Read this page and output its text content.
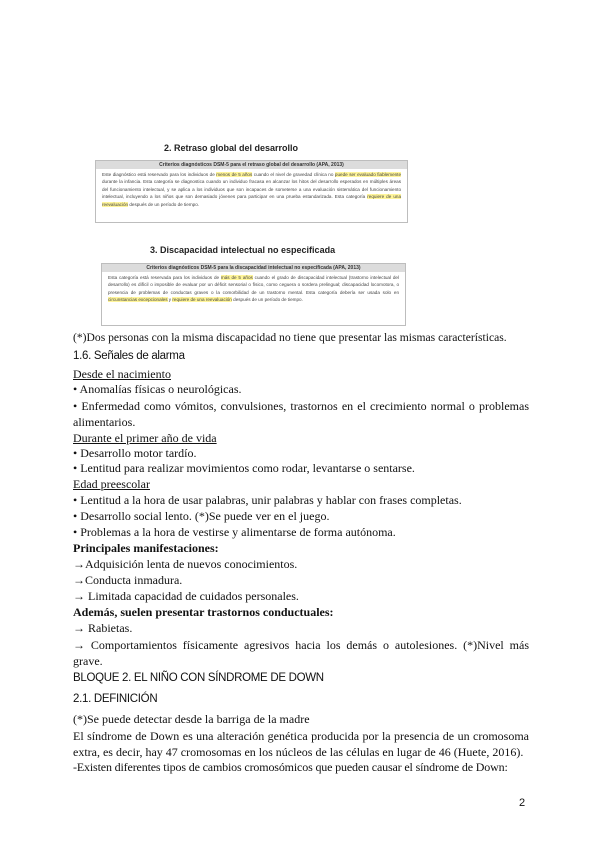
2. Retraso global del desarrollo
Criterios diagnósticos DSM-5 para el retraso global del desarrollo (APA, 2013)
Este diagnóstico está reservado para los individuos de menos de 5 años cuando el nivel de gravedad clínica no puede ser evaluado fiablemente durante la infancia. Esta categoría se diagnostica cuando un individuo fracasa en alcanzar los hitos del desarrollo esperados en múltiples áreas del funcionamiento intelectual, y se aplica a los individuos que son incapaces de someterse a una evaluación sistemática del funcionamiento intelectual, incluyendo a los niños que son demasiado jóvenes para participar en una prueba estandarizada. Esta categoría requiere de una reevaluación después de un período de tiempo.
3. Discapacidad intelectual no especificada
Criterios diagnósticos DSM-5 para la discapacidad intelectual no especificada (APA, 2013)
Esta categoría está reservada para los individuos de más de 5 años cuando el grado de discapacidad intelectual (trastorno intelectual del desarrollo) es difícil o imposible de evaluar por un déficit sensorial o físico, como ceguera o sordera prelingual; discapacidad locomotora, o presencia de problemas de conductas graves o la comorbilidad de un trastorno mental. Esta categoría debería ser usada solo en circunstancias excepcionales y requiere de una reevaluación después de un período de tiempo.
(*)Dos personas con la misma discapacidad no tiene que presentar las mismas características.
1.6. Señales de alarma
Desde el nacimiento
• Anomalías físicas o neurológicas.
• Enfermedad como vómitos, convulsiones, trastornos en el crecimiento normal o problemas alimentarios.
Durante el primer año de vida
• Desarrollo motor tardío.
• Lentitud para realizar movimientos como rodar, levantarse o sentarse.
Edad preescolar
• Lentitud a la hora de usar palabras, unir palabras y hablar con frases completas.
• Desarrollo social lento. (*)Se puede ver en el juego.
• Problemas a la hora de vestirse y alimentarse de forma autónoma.
Principales manifestaciones:
→Adquisición lenta de nuevos conocimientos.
→Conducta inmadura.
→ Limitada capacidad de cuidados personales.
Además, suelen presentar trastornos conductuales:
→ Rabietas.
→ Comportamientos físicamente agresivos hacia los demás o autolesiones. (*)Nivel más grave.
BLOQUE 2. EL NIÑO CON SÍNDROME DE DOWN
2.1. DEFINICIÓN
(*)Se puede detectar desde la barriga de la madre
El síndrome de Down es una alteración genética producida por la presencia de un cromosoma extra, es decir, hay 47 cromosomas en los núcleos de las células en lugar de 46 (Huete, 2016).
-Existen diferentes tipos de cambios cromosómicos que pueden causar el síndrome de Down:
2
